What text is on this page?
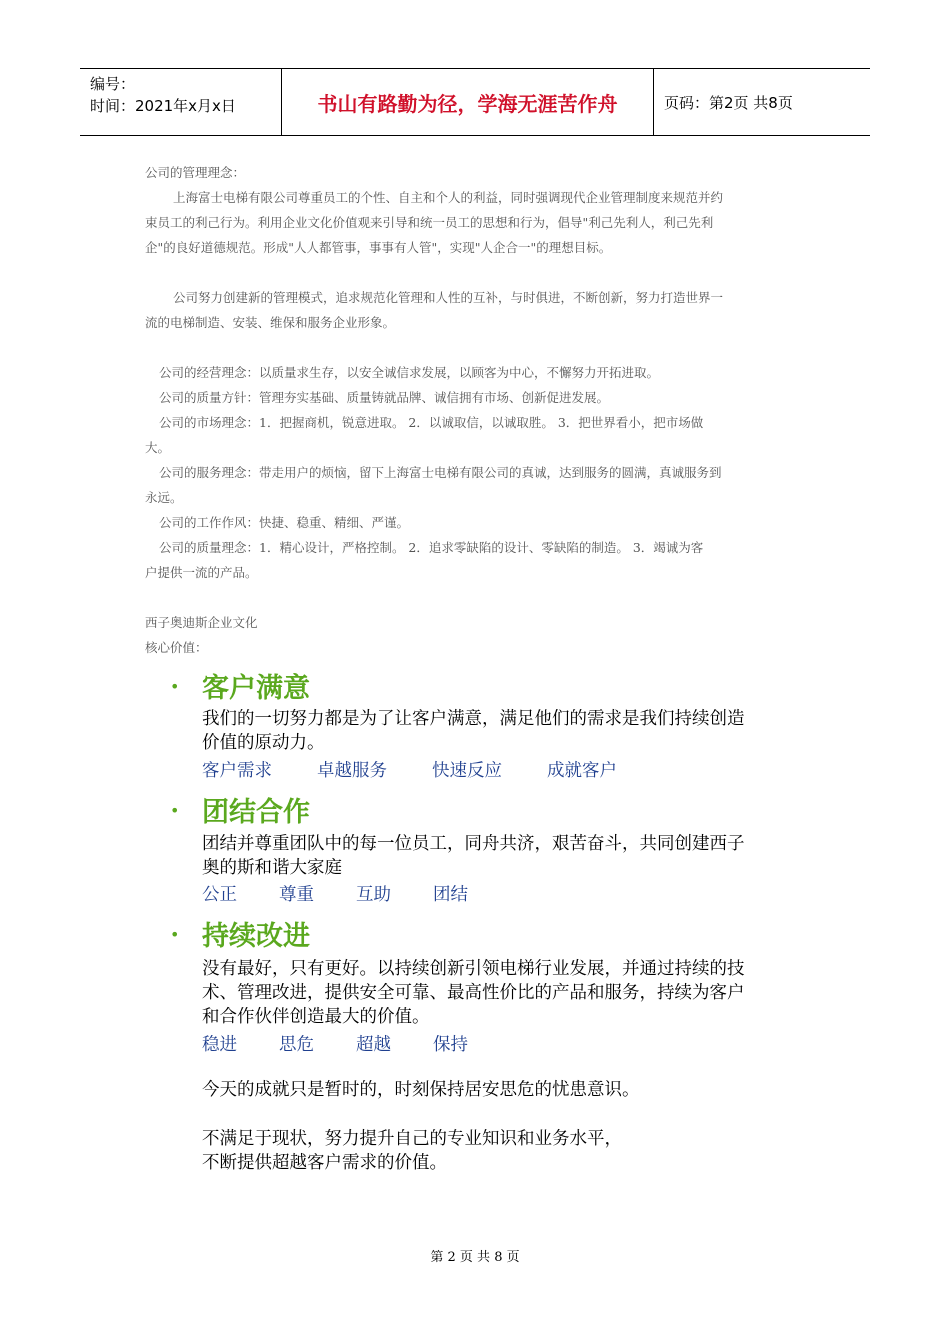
编号：
时间：2021年x月x日	书山有路勤为径，学海无涯苦作舟	页码：第2页 共8页

公司的管理理念：

上海富士电梯有限公司尊重员工的个性、自主和个人的利益，同时强调现代企业管理制度来规范并约

束员工的利己行为。利用企业文化价值观来引导和统一员工的思想和行为，倡导"利己先利人，利己先利

企"的良好道德规范。形成"人人都管事，事事有人管"，实现"人企合一"的理想目标。

公司努力创建新的管理模式，追求规范化管理和人性的互补，与时俱进，不断创新，努力打造世界一

流的电梯制造、安装、维保和服务企业形象。

公司的经营理念：以质量求生存，以安全诚信求发展，以顾客为中心，不懈努力开拓进取。

公司的质量方针：管理夯实基础、质量铸就品牌、诚信拥有市场、创新促进发展。

公司的市场理念：1．把握商机，锐意进取。 2．以诚取信，以诚取胜。 3．把世界看小，把市场做

大。

公司的服务理念：带走用户的烦恼，留下上海富士电梯有限公司的真诚，达到服务的圆满，真诚服务到

永远。

公司的工作作风：快捷、稳重、精细、严谨。

公司的质量理念：1．精心设计，严格控制。 2．追求零缺陷的设计、零缺陷的制造。 3．竭诚为客

户提供一流的产品。

西子奥迪斯企业文化

核心价值：

• 客户满意
我们的一切努力都是为了让客户满意，满足他们的需求是我们持续创造
价值的原动力。
客户需求	卓越服务	快速反应	成就客户
• 团结合作
团结并尊重团队中的每一位员工，同舟共济，艰苦奋斗，共同创建西子
奥的斯和谐大家庭
公正 尊重 互助 团结
• 持续改进
没有最好，只有更好。以持续创新引领电梯行业发展，并通过持续的技
术、管理改进，提供安全可靠、最高性价比的产品和服务，持续为客户
和合作伙伴创造最大的价值。
稳进 思危 超越 保持
今天的成就只是暂时的，时刻保持居安思危的忧患意识。
不满足于现状，努力提升自己的专业知识和业务水平，
不断提供超越客户需求的价值。
第 2 页 共 8 页
